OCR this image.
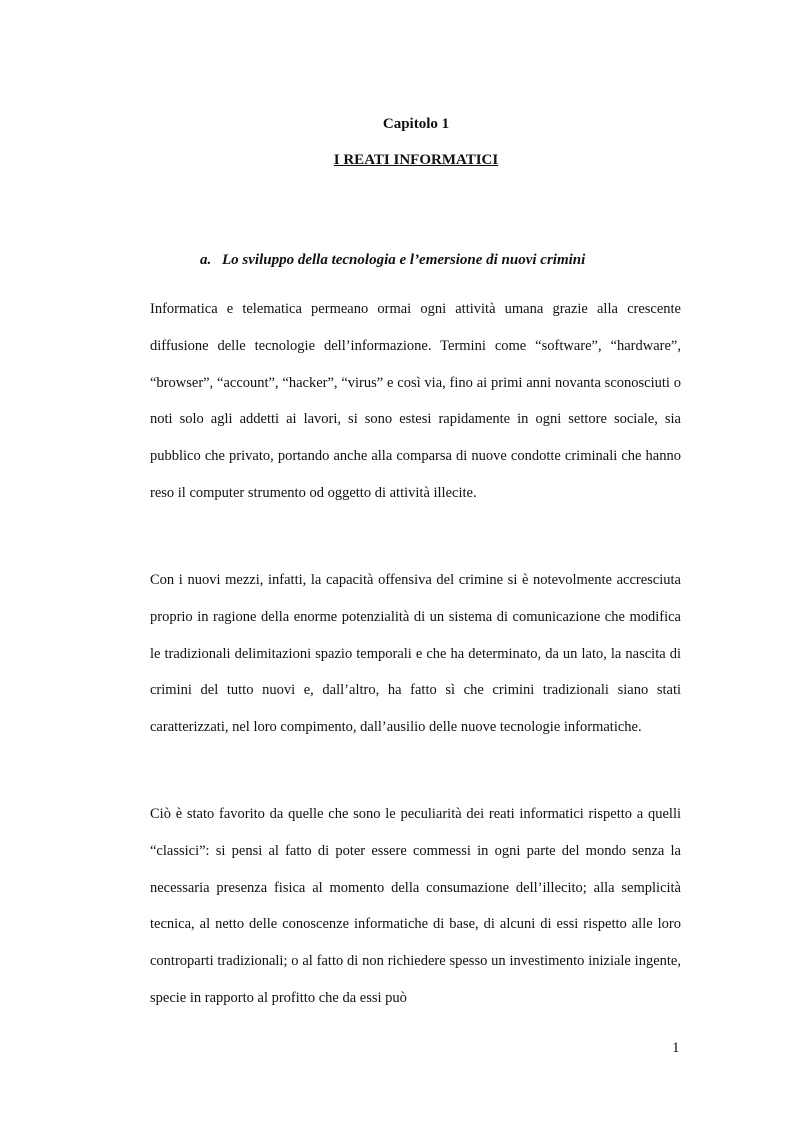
Capitolo 1
I REATI INFORMATICI
a. Lo sviluppo della tecnologia e l’emersione di nuovi crimini

Informatica e telematica permeano ormai ogni attività umana grazie alla crescente diffusione delle tecnologie dell’informazione. Termini come “software”, “hardware”, “browser”, “account”, “hacker”, “virus” e così via, fino ai primi anni novanta sconosciuti o noti solo agli addetti ai lavori, si sono estesi rapidamente in ogni settore sociale, sia pubblico che privato, portando anche alla comparsa di nuove condotte criminali che hanno reso il computer strumento od oggetto di attività illecite.

Con i nuovi mezzi, infatti, la capacità offensiva del crimine si è notevolmente accresciuta proprio in ragione della enorme potenzialità di un sistema di comunicazione che modifica le tradizionali delimitazioni spazio temporali e che ha determinato, da un lato, la nascita di crimini del tutto nuovi e, dall’altro, ha fatto sì che crimini tradizionali siano stati caratterizzati, nel loro compimento, dall’ausilio delle nuove tecnologie informatiche.

Ciò è stato favorito da quelle che sono le peculiarità dei reati informatici rispetto a quelli “classici”: si pensi al fatto di poter essere commessi in ogni parte del mondo senza la necessaria presenza fisica al momento della consumazione dell’illecito; alla semplicità tecnica, al netto delle conoscenze informatiche di base, di alcuni di essi rispetto alle loro controparti tradizionali; o al fatto di non richiedere spesso un investimento iniziale ingente, specie in rapporto al profitto che da essi può

1
